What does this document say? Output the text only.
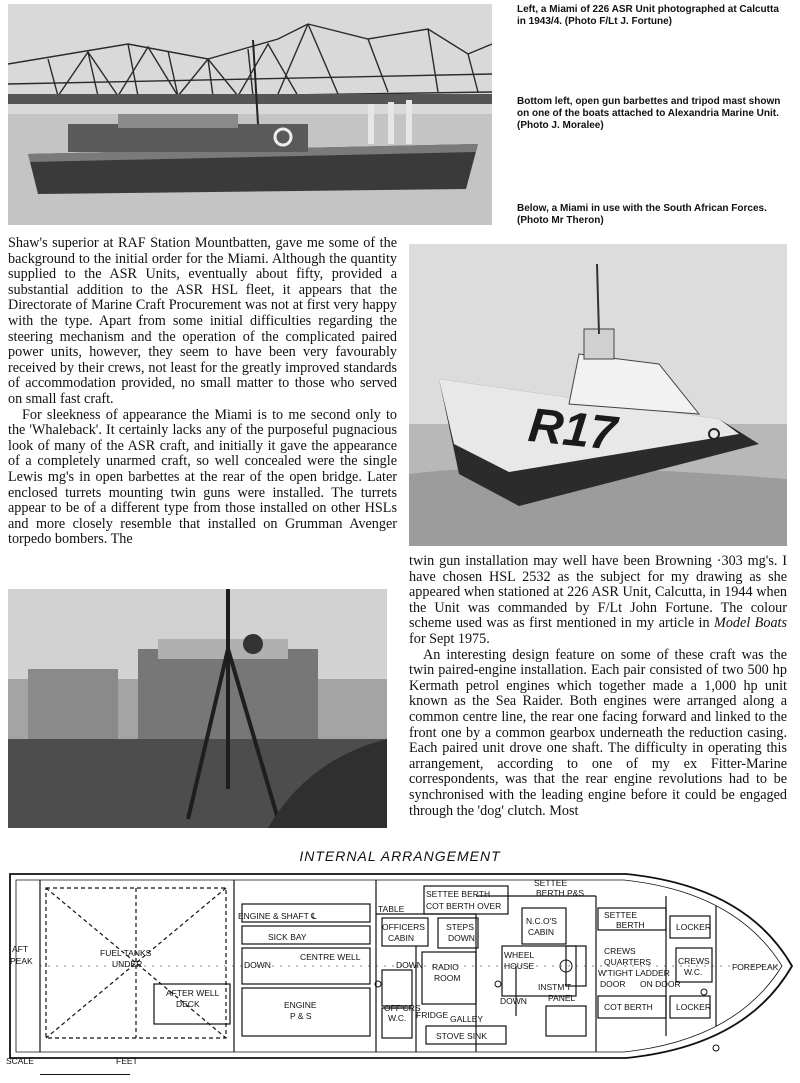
Left, a Miami of 226 ASR Unit photographed at Calcutta in 1943/4. (Photo F/Lt J. Fortune)
Bottom left, open gun barbettes and tripod mast shown on one of the boats attached to Alexandria Marine Unit. (Photo J. Moralee)
Below, a Miami in use with the South African Forces. (Photo Mr Theron)

Shaw's superior at RAF Station Mountbatten, gave me some of the background to the initial order for the Miami. Although the quantity supplied to the ASR Units, eventually about fifty, provided a substantial addition to the ASR HSL fleet, it appears that the Directorate of Marine Craft Procurement was not at first very happy with the type. Apart from some initial difficulties regarding the steering mechanism and the operation of the complicated paired power units, however, they seem to have been very favourably received by their crews, not least for the greatly improved standards of accommodation provided, no small matter to those who served on small fast craft.

For sleekness of appearance the Miami is to me second only to the 'Whaleback'. It certainly lacks any of the purposeful pugnacious look of many of the ASR craft, and initially it gave the appearance of a completely unarmed craft, so well concealed were the single Lewis mg's in open barbettes at the rear of the open bridge. Later enclosed turrets mounting twin guns were installed. The turrets appear to be of a different type from those installed on other HSLs and more closely resemble that installed on Grumman Avenger torpedo bombers. The

R17

twin gun installation may well have been Browning ·303 mg's. I have chosen HSL 2532 as the subject for my drawing as she appeared when stationed at 226 ASR Unit, Calcutta, in 1944 when the Unit was commanded by F/Lt John Fortune. The colour scheme used was as first mentioned in my article in Model Boats for Sept 1975.

An interesting design feature on some of these craft was the twin paired-engine installation. Each pair consisted of two 500 hp Kermath petrol engines which together made a 1,000 hp unit known as the Sea Raider. Both engines were arranged along a common centre line, the rear one facing forward and linked to the front one by a common gearbox underneath the reduction casing. Each paired unit drove one shaft. The difficulty in operating this arrangement, according to one of my ex Fitter-Marine correspondents, was that the rear engine revolutions had to be synchronised with the leading engine before it could be engaged through the 'dog' clutch. Most

INTERNAL ARRANGEMENT
AFT
PEAK
FUEL TANKS
UNDER
ENGINE & SHAFT ℄
SICK BAY
CENTRE WELL
DOWN
AFTER WELL
DECK	ENGINE
P & S
TABLE
OFFICERS
CABIN
DOWN
OFF'CRS
W.C. FRIDGE
SETTEE BERTH
COT BERTH OVER
STEPS
DOWN
RADIO
ROOM
GALLEY
STOVE SINK
SETTEE
BERTH P&S
N.C.O'S
CABIN
WHEEL
HOUSE
DOWN
INSTM'T
PANEL
SETTEE
BERTH
CREWS
QUARTERS
W'TIGHT LADDER
DOOR ON DOOR
COT BERTH
LOCKER
LOCKER
CREWS
W.C.	FOREPEAK
SCALE	FEET
